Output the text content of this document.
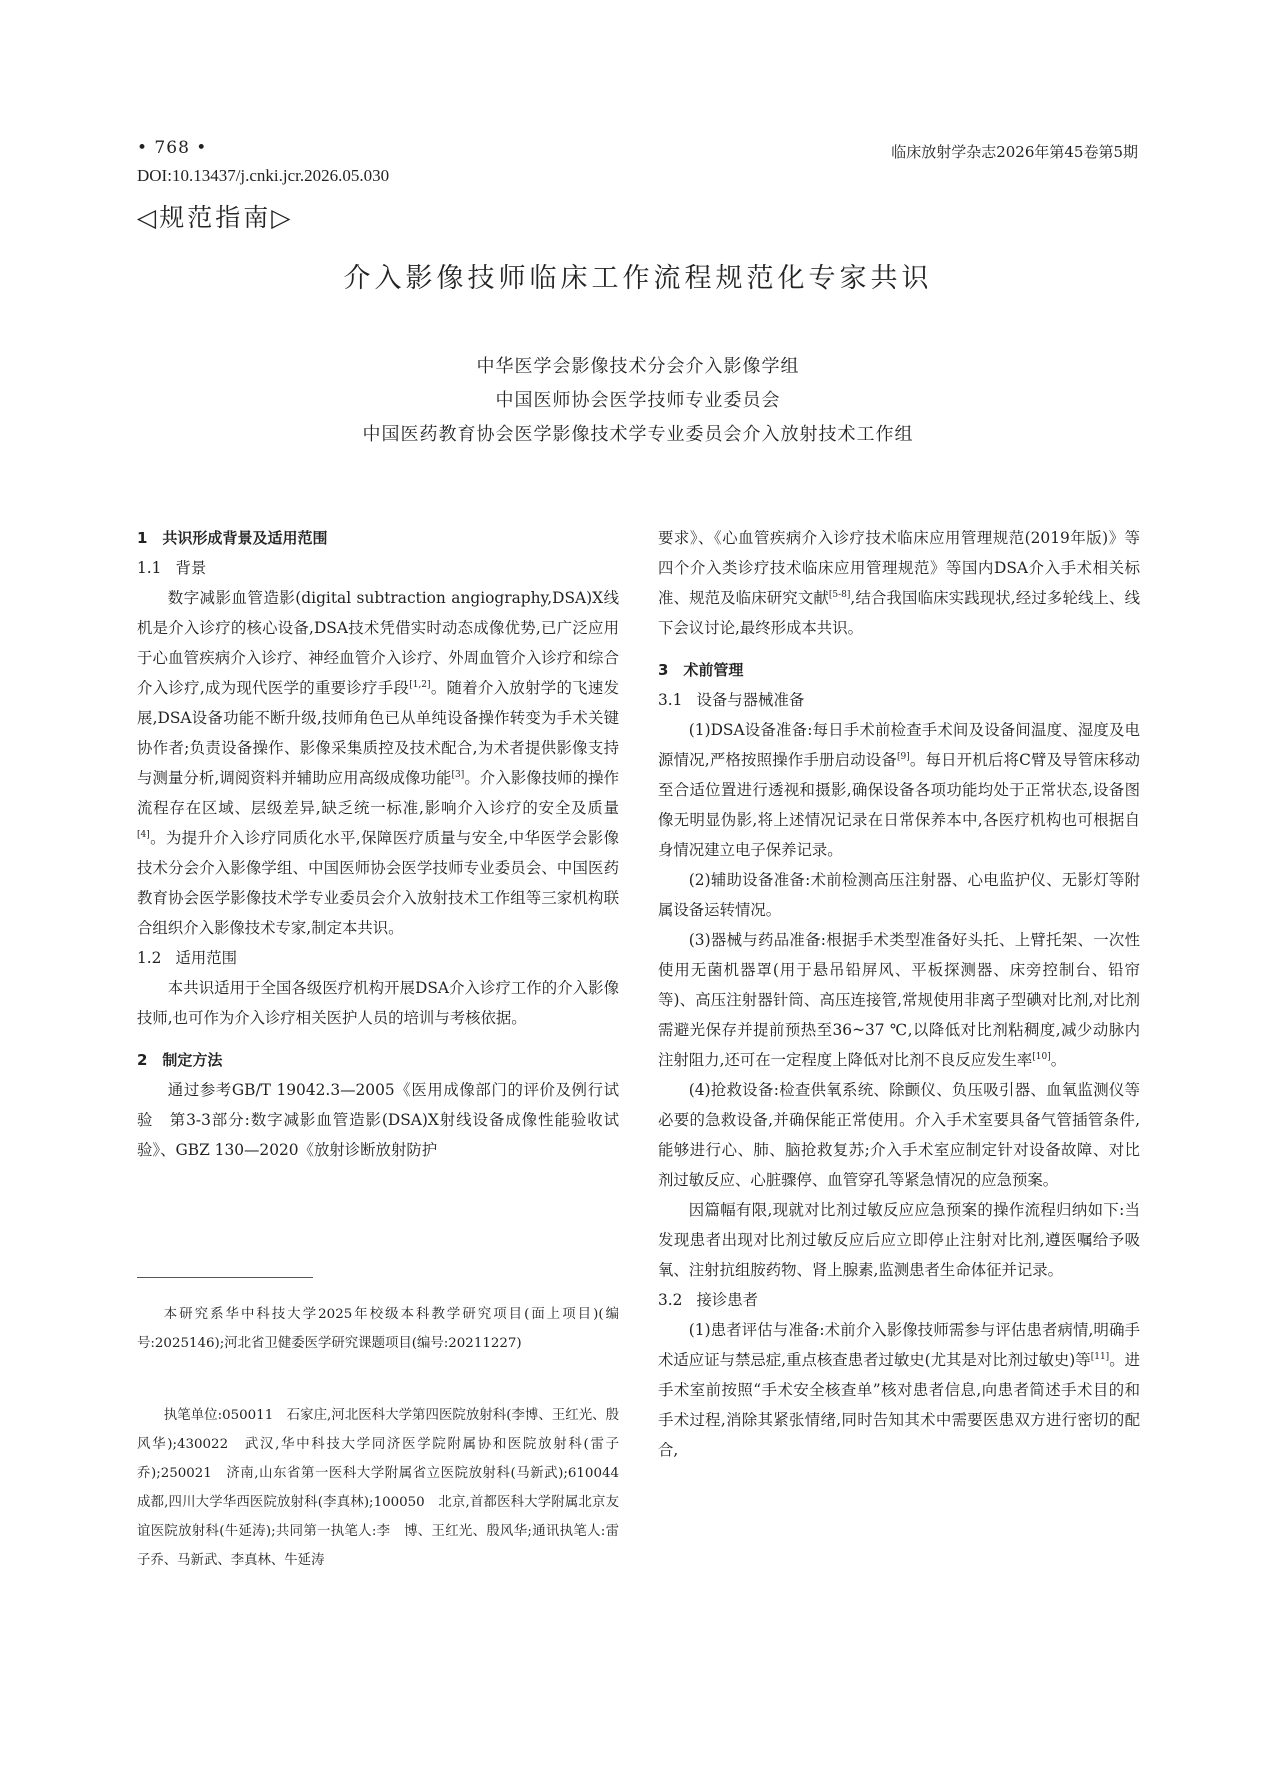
• 768 •
DOI:10.13437/j.cnki.jcr.2026.05.030
临床放射学杂志2026年第45卷第5期
◁规范指南▷
介入影像技师临床工作流程规范化专家共识
中华医学会影像技术分会介入影像学组
中国医师协会医学技师专业委员会
中国医药教育协会医学影像技术学专业委员会介入放射技术工作组
1　共识形成背景及适用范围
1.1 背景

数字减影血管造影(digital subtraction angiography,DSA)X线机是介入诊疗的核心设备,DSA技术凭借实时动态成像优势,已广泛应用于心血管疾病介入诊疗、神经血管介入诊疗、外周血管介入诊疗和综合介入诊疗,成为现代医学的重要诊疗手段[1,2]。随着介入放射学的飞速发展,DSA设备功能不断升级,技师角色已从单纯设备操作转变为手术关键协作者;负责设备操作、影像采集质控及技术配合,为术者提供影像支持与测量分析,调阅资料并辅助应用高级成像功能[3]。介入影像技师的操作流程存在区域、层级差异,缺乏统一标准,影响介入诊疗的安全及质量[4]。为提升介入诊疗同质化水平,保障医疗质量与安全,中华医学会影像技术分会介入影像学组、中国医师协会医学技师专业委员会、中国医药教育协会医学影像技术学专业委员会介入放射技术工作组等三家机构联合组织介入影像技术专家,制定本共识。

1.2 适用范围

本共识适用于全国各级医疗机构开展DSA介入诊疗工作的介入影像技师,也可作为介入诊疗相关医护人员的培训与考核依据。

2　制定方法

通过参考GB/T 19042.3—2005《医用成像部门的评价及例行试验　第3-3部分:数字减影血管造影(DSA)X射线设备成像性能验收试验》、GBZ 130—2020《放射诊断放射防护

本研究系华中科技大学2025年校级本科教学研究项目(面上项目)(编号:2025146);河北省卫健委医学研究课题项目(编号:20211227)

执笔单位:050011　石家庄,河北医科大学第四医院放射科(李博、王红光、殷风华);430022　武汉,华中科技大学同济医学院附属协和医院放射科(雷子乔);250021　济南,山东省第一医科大学附属省立医院放射科(马新武);610044　成都,四川大学华西医院放射科(李真林);100050　北京,首都医科大学附属北京友谊医院放射科(牛延涛);共同第一执笔人:李　博、王红光、殷风华;通讯执笔人:雷子乔、马新武、李真林、牛延涛

要求》、《心血管疾病介入诊疗技术临床应用管理规范(2019年版)》等四个介入类诊疗技术临床应用管理规范》等国内DSA介入手术相关标准、规范及临床研究文献[5-8],结合我国临床实践现状,经过多轮线上、线下会议讨论,最终形成本共识。

3　术前管理
3.1 设备与器械准备

(1)DSA设备准备:每日手术前检查手术间及设备间温度、湿度及电源情况,严格按照操作手册启动设备[9]。每日开机后将C臂及导管床移动至合适位置进行透视和摄影,确保设备各项功能均处于正常状态,设备图像无明显伪影,将上述情况记录在日常保养本中,各医疗机构也可根据自身情况建立电子保养记录。

(2)辅助设备准备:术前检测高压注射器、心电监护仪、无影灯等附属设备运转情况。

(3)器械与药品准备:根据手术类型准备好头托、上臂托架、一次性使用无菌机器罩(用于悬吊铅屏风、平板探测器、床旁控制台、铅帘等)、高压注射器针筒、高压连接管,常规使用非离子型碘对比剂,对比剂需避光保存并提前预热至36~37 ℃,以降低对比剂粘稠度,减少动脉内注射阻力,还可在一定程度上降低对比剂不良反应发生率[10]。

(4)抢救设备:检查供氧系统、除颤仪、负压吸引器、血氧监测仪等必要的急救设备,并确保能正常使用。介入手术室要具备气管插管条件,能够进行心、肺、脑抢救复苏;介入手术室应制定针对设备故障、对比剂过敏反应、心脏骤停、血管穿孔等紧急情况的应急预案。

因篇幅有限,现就对比剂过敏反应应急预案的操作流程归纳如下:当发现患者出现对比剂过敏反应后应立即停止注射对比剂,遵医嘱给予吸氧、注射抗组胺药物、肾上腺素,监测患者生命体征并记录。

3.2 接诊患者

(1)患者评估与准备:术前介入影像技师需参与评估患者病情,明确手术适应证与禁忌症,重点核查患者过敏史(尤其是对比剂过敏史)等[11]。进手术室前按照“手术安全核查单”核对患者信息,向患者简述手术目的和手术过程,消除其紧张情绪,同时告知其术中需要医患双方进行密切的配合,
